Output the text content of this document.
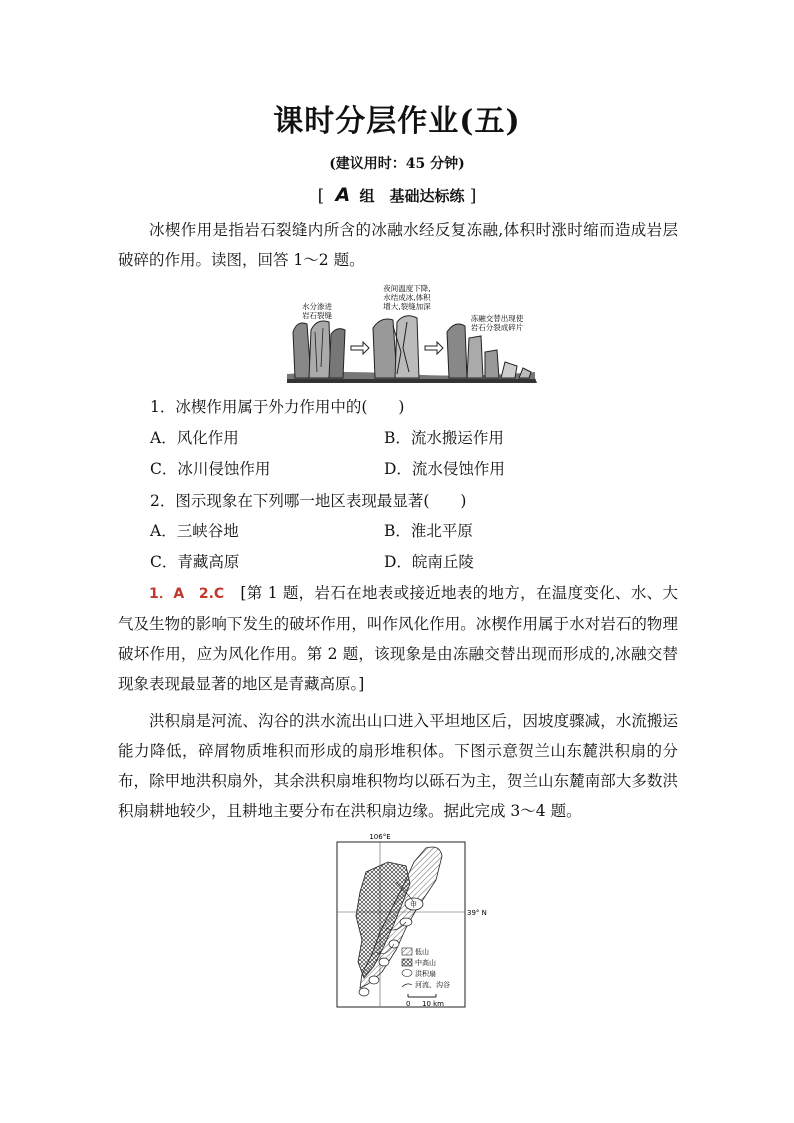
课时分层作业(五)
(建议用时：45 分钟)
[ A 组　基础达标练 ]

冰楔作用是指岩石裂缝内所含的冰融水经反复冻融,体积时涨时缩而造成岩层破碎的作用。读图，回答 1～2 题。

水分渗进
岩石裂缝
夜间温度下降,
水结成冰,体积
增大,裂缝加深
冻融交替出现使
岩石分裂成碎片

1．冰楔作用属于外力作用中的(　　)

A．风化作用	B．流水搬运作用

C．冰川侵蚀作用	D．流水侵蚀作用

2．图示现象在下列哪一地区表现最显著(　　)

A．三峡谷地	B．淮北平原

C．青藏高原	D．皖南丘陵

1．A　2.C　 [第 1 题，岩石在地表或接近地表的地方，在温度变化、水、大气及生物的影响下发生的破坏作用，叫作风化作用。冰楔作用属于水对岩石的物理破坏作用，应为风化作用。第 2 题，该现象是由冻融交替出现而形成的,冰融交替现象表现最显著的地区是青藏高原。]

洪积扇是河流、沟谷的洪水流出山口进入平坦地区后，因坡度骤减，水流搬运能力降低，碎屑物质堆积而形成的扇形堆积体。下图示意贺兰山东麓洪积扇的分布，除甲地洪积扇外，其余洪积扇堆积物均以砾石为主，贺兰山东麓南部大多数洪积扇耕地较少，且耕地主要分布在洪积扇边缘。据此完成 3～4 题。

106°E
39° N
甲
低山
中高山
洪积扇
河流、沟谷
0 10 km
